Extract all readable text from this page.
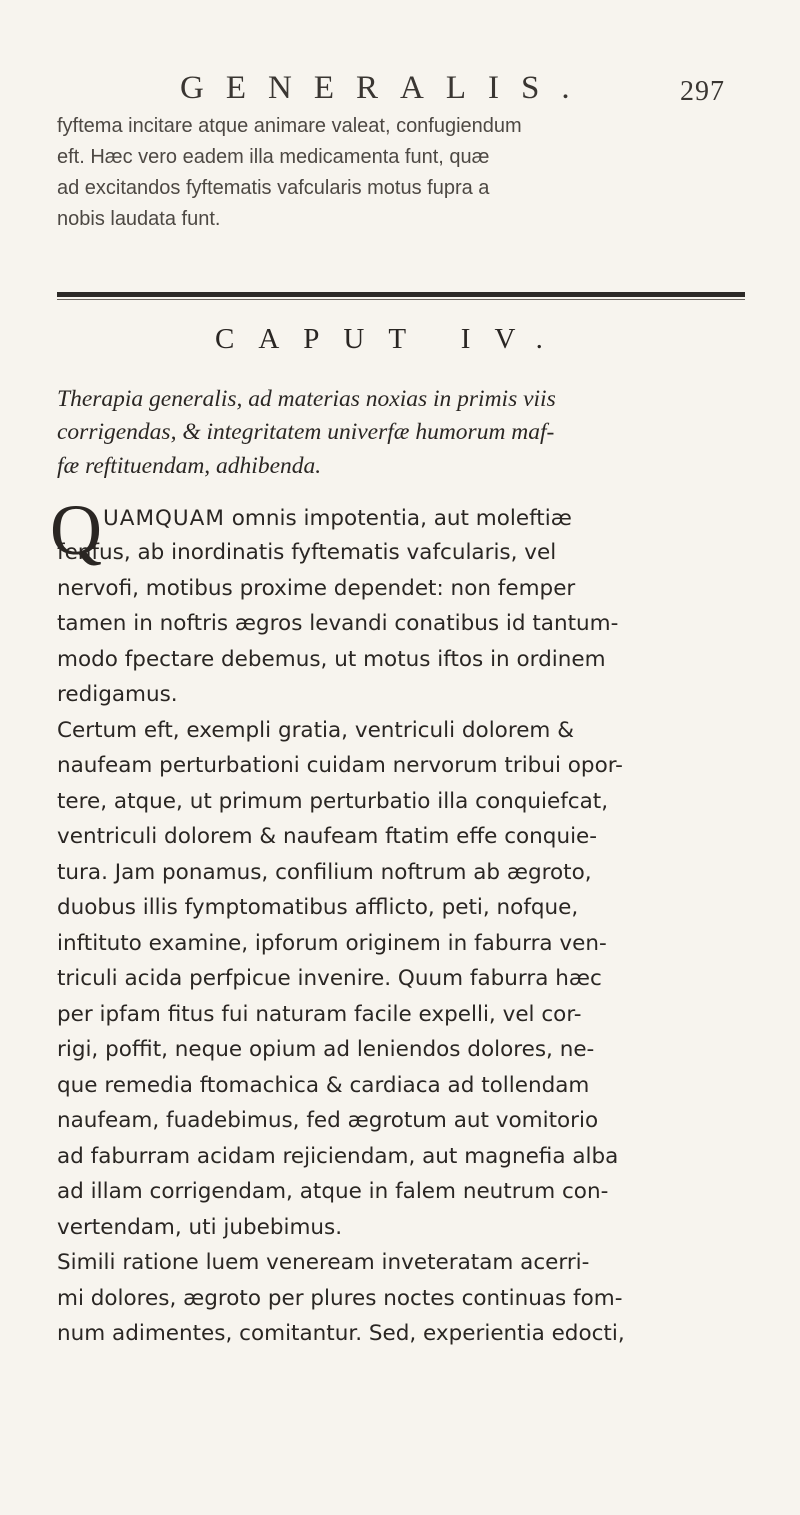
GENERALIS.	297
fyftema incitare atque animare valeat, confugiendum
eft. Hæc vero eadem illa medicamenta funt, quæ
ad excitandos fyftematis vafcularis motus fupra a
nobis laudata funt.
CAPUT IV.
Therapia generalis, ad materias noxias in primis viis
corrigendas, & integritatem univerfæ humorum maf-
fæ reftituendam, adhibenda.
Q UAMQUAM omnis impotentia, aut moleftiæ
fenfus, ab inordinatis fyftematis vafcularis, vel
nervofi, motibus proxime dependet: non femper
tamen in noftris ægros levandi conatibus id tantum-
modo fpectare debemus, ut motus iftos in ordinem
redigamus.
Certum eft, exempli gratia, ventriculi dolorem &
naufeam perturbationi cuidam nervorum tribui opor-
tere, atque, ut primum perturbatio illa conquiefcat,
ventriculi dolorem & naufeam ftatim effe conquie-
tura. Jam ponamus, confilium noftrum ab ægroto,
duobus illis fymptomatibus afflicto, peti, nofque,
inftituto examine, ipforum originem in faburra ven-
triculi acida perfpicue invenire. Quum faburra hæc
per ipfam fitus fui naturam facile expelli, vel cor-
rigi, poffit, neque opium ad leniendos dolores, ne-
que remedia ftomachica & cardiaca ad tollendam
naufeam, fuadebimus, fed ægrotum aut vomitorio
ad faburram acidam rejiciendam, aut magnefia alba
ad illam corrigendam, atque in falem neutrum con-
vertendam, uti jubebimus.
Simili ratione luem veneream inveteratam acerri-
mi dolores, ægroto per plures noctes continuas fom-
num adimentes, comitantur. Sed, experientia edocti,
